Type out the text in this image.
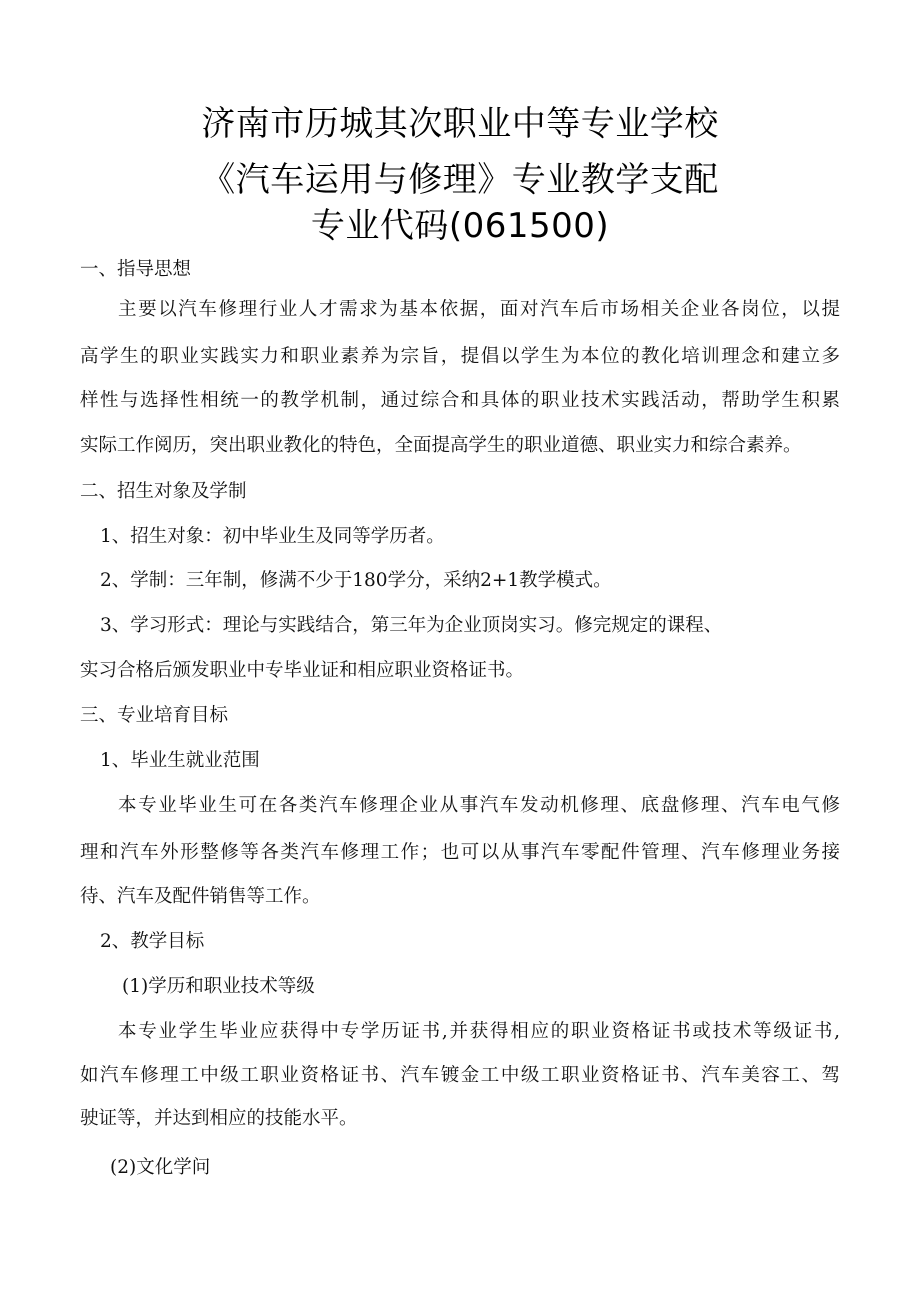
济南市历城其次职业中等专业学校
《汽车运用与修理》专业教学支配
专业代码(061500)
一、指导思想
主要以汽车修理行业人才需求为基本依据，面对汽车后市场相关企业各岗位，以提
高学生的职业实践实力和职业素养为宗旨，提倡以学生为本位的教化培训理念和建立多
样性与选择性相统一的教学机制，通过综合和具体的职业技术实践活动，帮助学生积累
实际工作阅历，突出职业教化的特色，全面提高学生的职业道德、职业实力和综合素养。
二、招生对象及学制
1、招生对象：初中毕业生及同等学历者。
2、学制：三年制，修满不少于180学分，采纳2+1教学模式。
3、学习形式：理论与实践结合，第三年为企业顶岗实习。修完规定的课程、
实习合格后颁发职业中专毕业证和相应职业资格证书。
三、专业培育目标
1、毕业生就业范围
本专业毕业生可在各类汽车修理企业从事汽车发动机修理、底盘修理、汽车电气修
理和汽车外形整修等各类汽车修理工作；也可以从事汽车零配件管理、汽车修理业务接
待、汽车及配件销售等工作。
2、教学目标
(1)学历和职业技术等级
本专业学生毕业应获得中专学历证书,并获得相应的职业资格证书或技术等级证书,
如汽车修理工中级工职业资格证书、汽车镀金工中级工职业资格证书、汽车美容工、驾
驶证等，并达到相应的技能水平。
(2)文化学问
